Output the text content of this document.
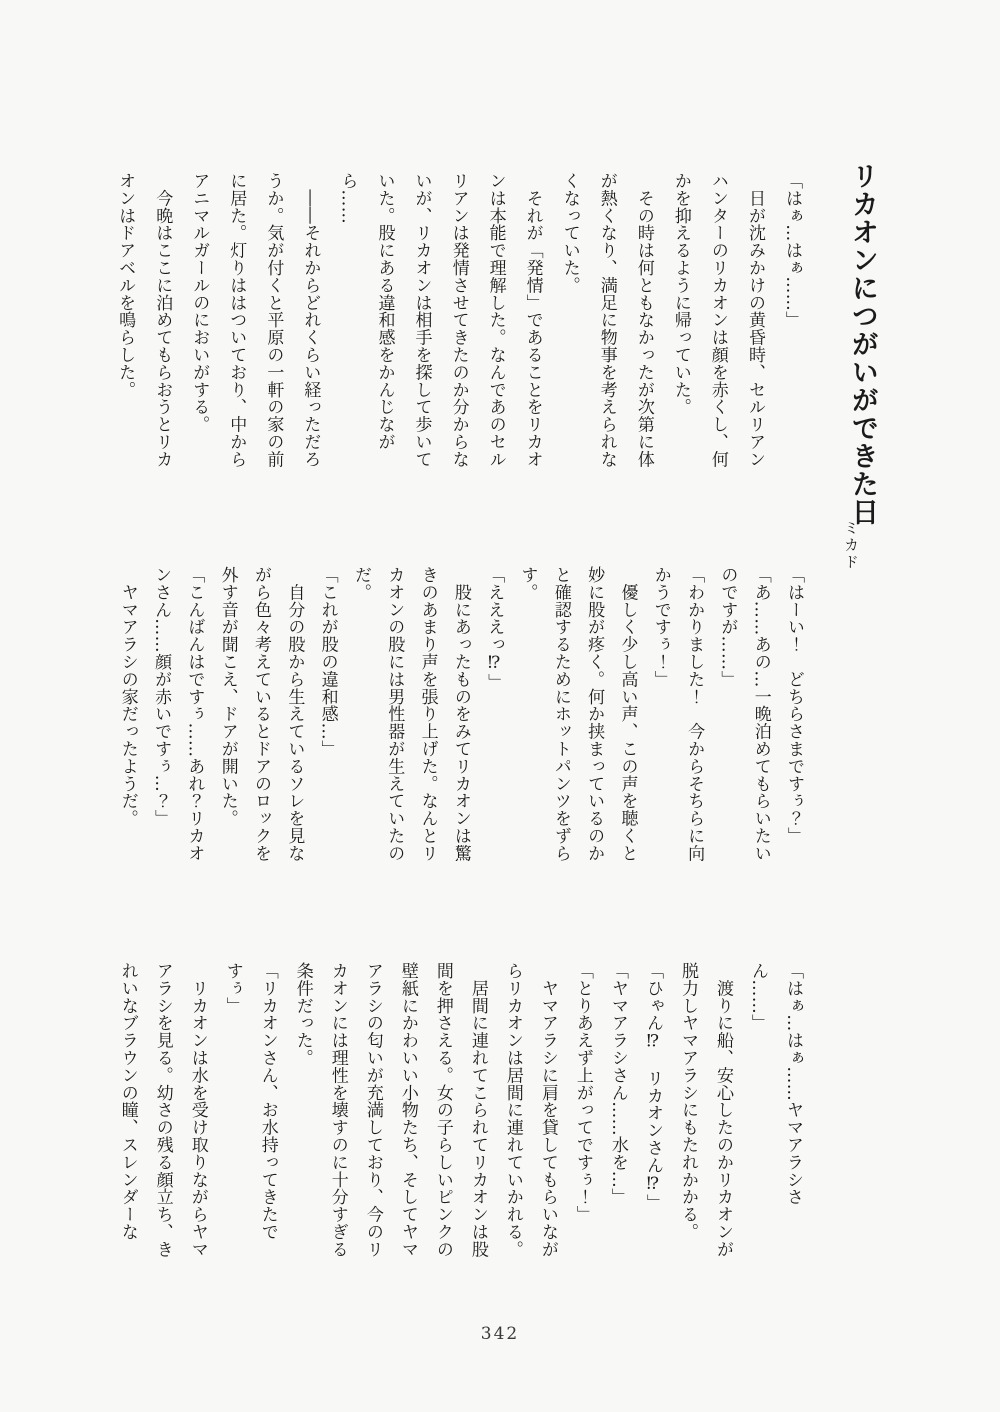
リカオンにつがいができた日
ミカド

「はぁ…はぁ……」

　日が沈みかけの黄昏時、セルリアンハンターのリカオンは顔を赤くし、何かを抑えるように帰っていた。

　その時は何ともなかったが次第に体が熱くなり、満足に物事を考えられなくなっていた。

　それが「発情」であることをリカオンは本能で理解した。なんであのセルリアンは発情させてきたのか分からないが、リカオンは相手を探して歩いていた。股にある違和感をかんじながら……

　――それからどれくらい経っただろうか。気が付くと平原の一軒の家の前に居た。灯りははついており、中からアニマルガールのにおいがする。

　今晩はここに泊めてもらおうとリカオンはドアベルを鳴らした。

「はーい！　どちらさまですぅ？」

「あ……あの…一晩泊めてもらいたいのですが……」

「わかりました！　今からそちらに向かうですぅ！」

　優しく少し高い声、この声を聴くと妙に股が疼く。何か挟まっているのかと確認するためにホットパンツをずらす。

「えええっ⁉」

　股にあったものをみてリカオンは驚きのあまり声を張り上げた。なんとリカオンの股には男性器が生えていたのだ。

「これが股の違和感…」

　自分の股から生えているソレを見ながら色々考えているとドアのロックを外す音が聞こえ、ドアが開いた。

「こんばんはですぅ……あれ？リカオンさん……顔が赤いですぅ…？」

　ヤマアラシの家だったようだ。

「はぁ…はぁ……ヤマアラシさん……」

　渡りに船、安心したのかリカオンが脱力しヤマアラシにもたれかかる。

「ひゃん⁉　リカオンさん⁉」

「ヤマアラシさん……水を…」

「とりあえず上がってですぅ！」

　ヤマアラシに肩を貸してもらいながらリカオンは居間に連れていかれる。

　居間に連れてこられてリカオンは股間を押さえる。女の子らしいピンクの壁紙にかわいい小物たち、そしてヤマアラシの匂いが充満しており、今のリカオンには理性を壊すのに十分すぎる条件だった。

「リカオンさん、お水持ってきたですぅ」

　リカオンは水を受け取りながらヤマアラシを見る。幼さの残る顔立ち、きれいなブラウンの瞳、スレンダーな

342
